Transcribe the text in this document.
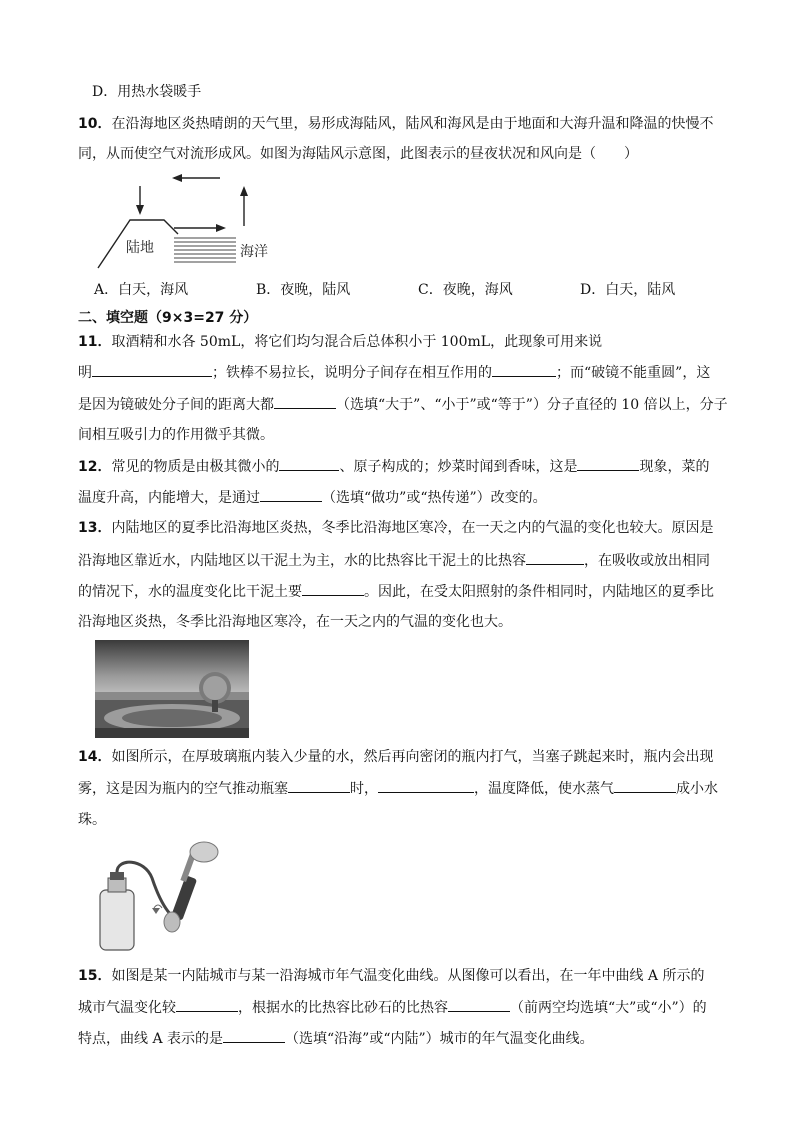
D．用热水袋暖手
10．在沿海地区炎热晴朗的天气里，易形成海陆风，陆风和海风是由于地面和大海升温和降温的快慢不
同，从而使空气对流形成风。如图为海陆风示意图，此图表示的昼夜状况和风向是（　　）
陆地	海洋
A．白天，海风	B．夜晚，陆风	C．夜晚，海风	D．白天，陆风
二、填空题（9×3=27 分）
11．取酒精和水各 50mL，将它们均匀混合后总体积小于 100mL，此现象可用来说
明	；铁棒不易拉长，说明分子间存在相互作用的	；而“破镜不能重圆”，这
是因为镜破处分子间的距离大都	（选填“大于”、“小于”或“等于”）分子直径的 10 倍以上，分子
间相互吸引力的作用微乎其微。
12．常见的物质是由极其微小的	、原子构成的；炒菜时闻到香味，这是	现象，菜的
温度升高，内能增大，是通过	（选填“做功”或“热传递”）改变的。
13．内陆地区的夏季比沿海地区炎热，冬季比沿海地区寒冷，在一天之内的气温的变化也较大。原因是
沿海地区靠近水，内陆地区以干泥土为主，水的比热容比干泥土的比热容	，在吸收或放出相同
的情况下，水的温度变化比干泥土要	。因此，在受太阳照射的条件相同时，内陆地区的夏季比
沿海地区炎热，冬季比沿海地区寒冷，在一天之内的气温的变化也大。
14．如图所示，在厚玻璃瓶内装入少量的水，然后再向密闭的瓶内打气，当塞子跳起来时，瓶内会出现
雾，这是因为瓶内的空气推动瓶塞	时，	，温度降低，使水蒸气	成小水
珠。
15．如图是某一内陆城市与某一沿海城市年气温变化曲线。从图像可以看出，在一年中曲线 A 所示的
城市气温变化较	，根据水的比热容比砂石的比热容	（前两空均选填“大”或“小”）的
特点，曲线 A 表示的是	（选填“沿海”或“内陆”）城市的年气温变化曲线。
